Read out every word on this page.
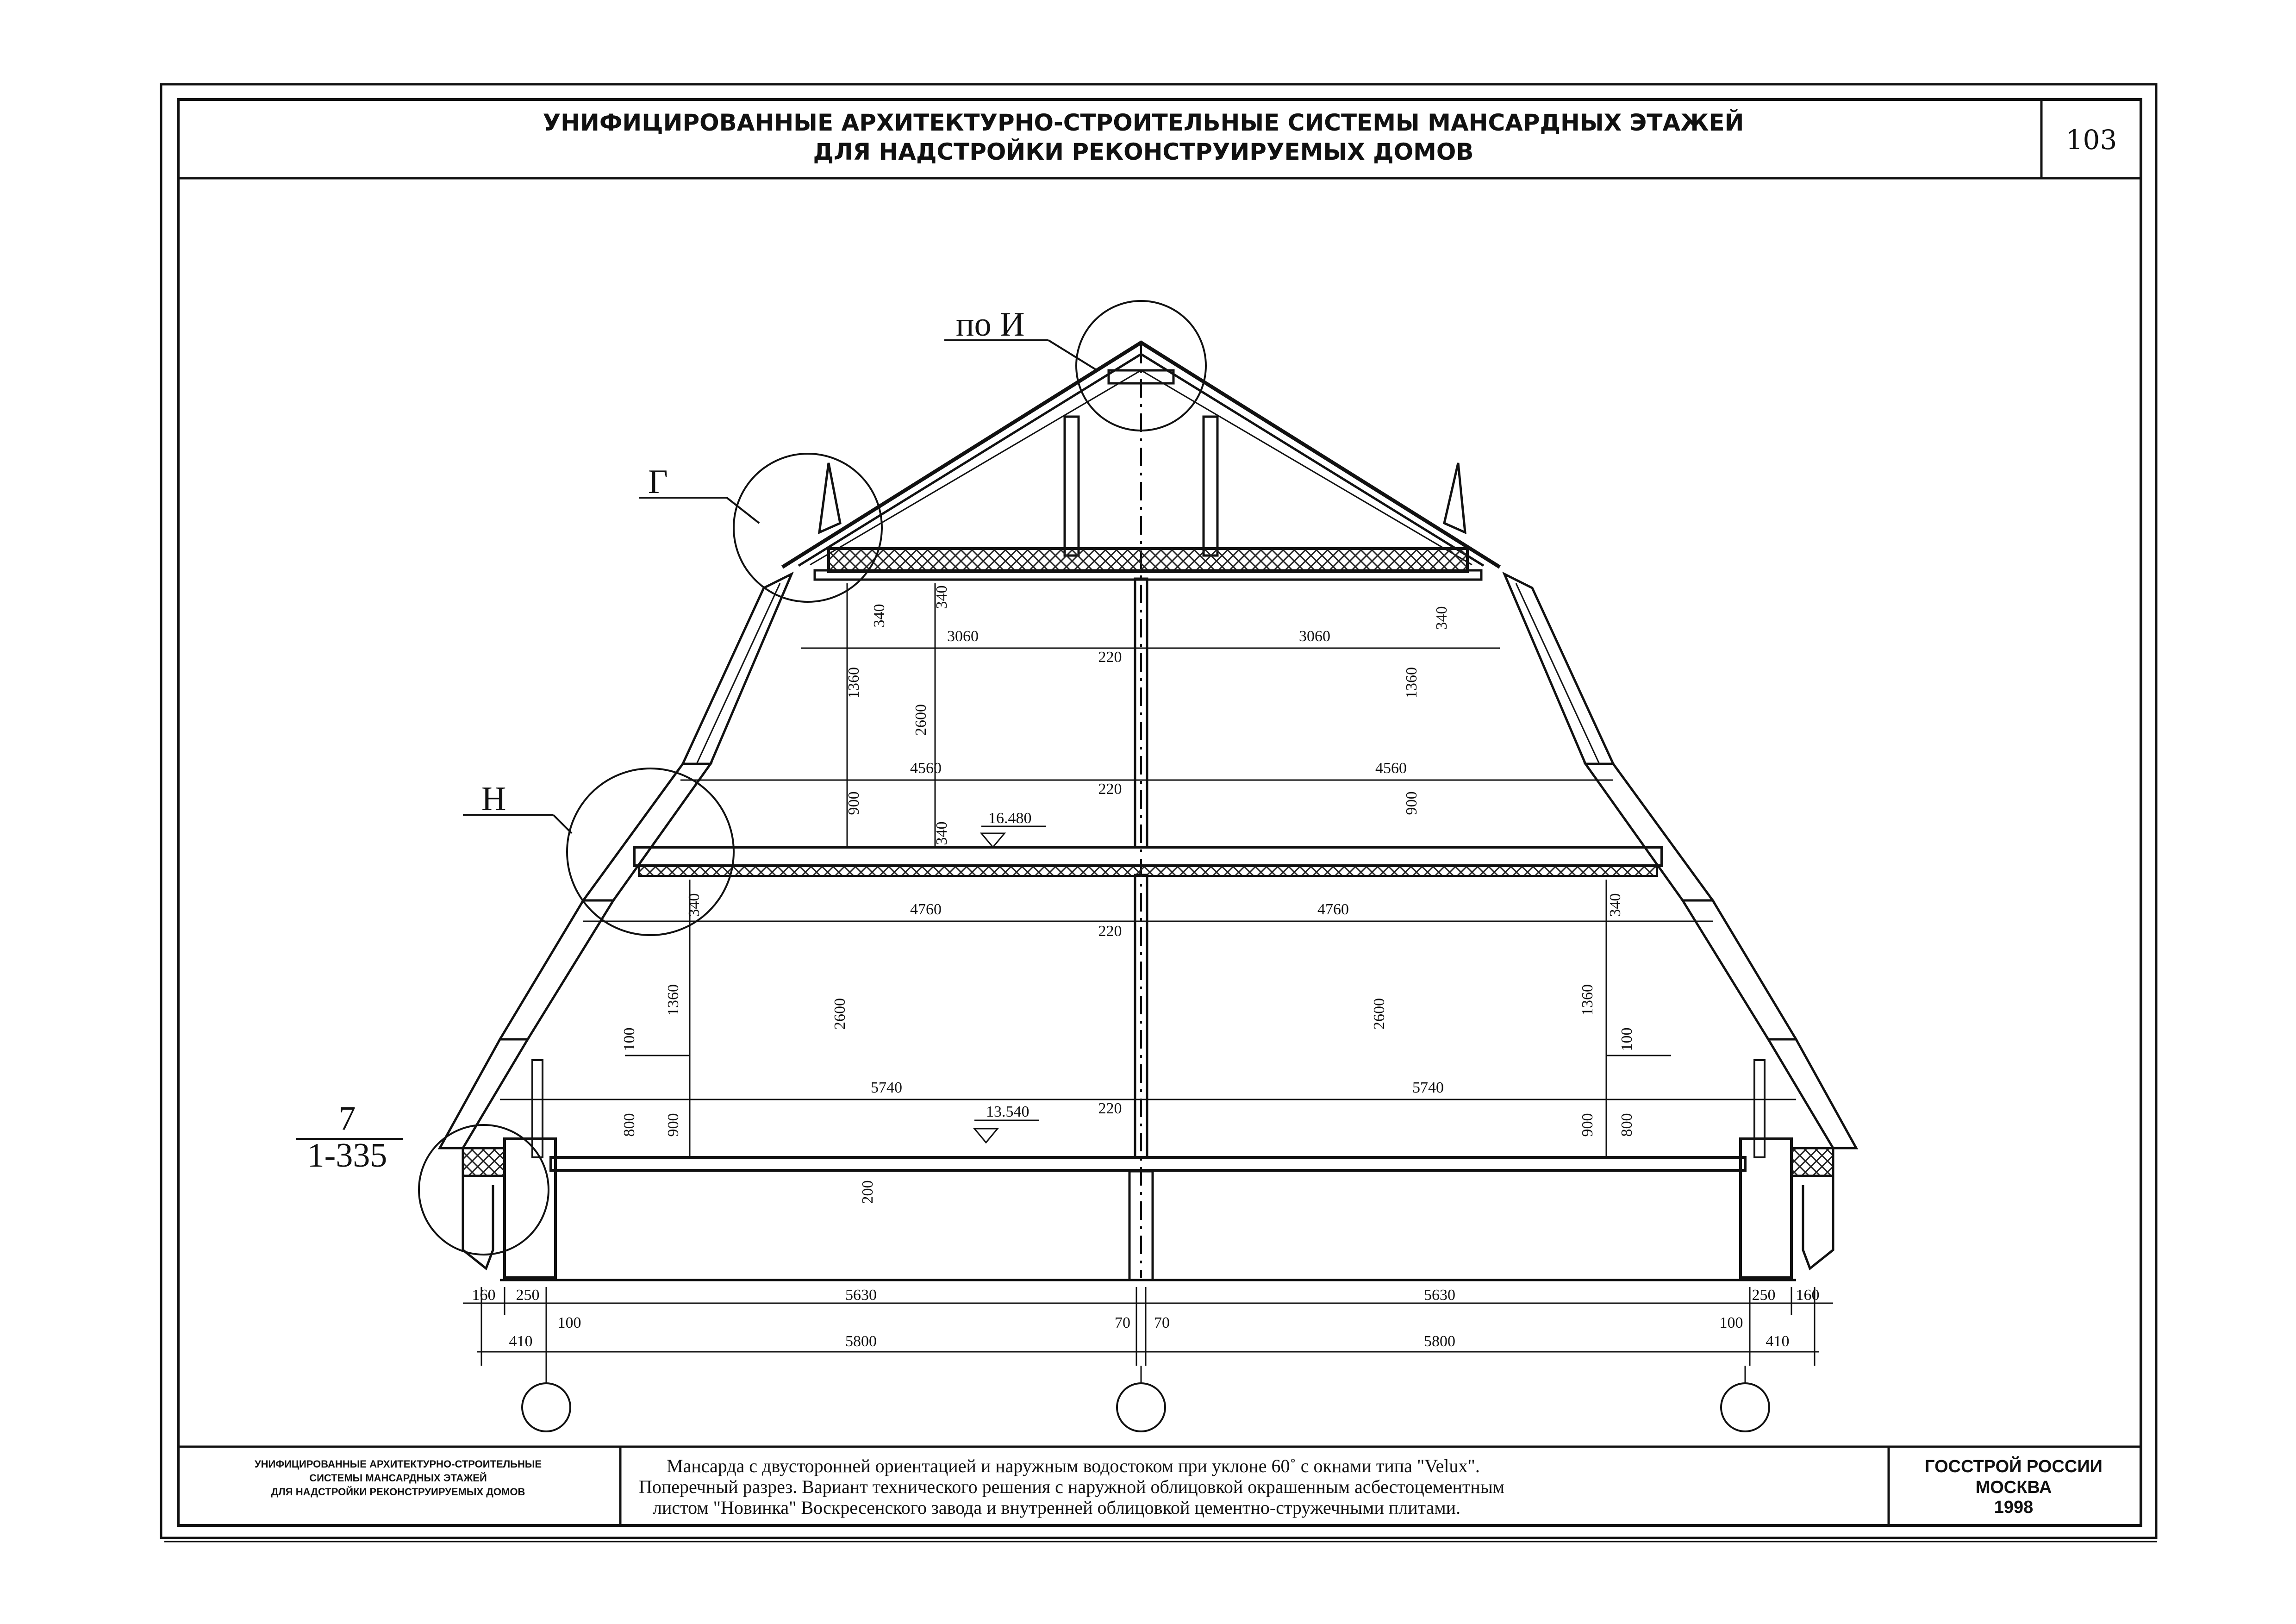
УНИФИЦИРОВАННЫЕ АРХИТЕКТУРНО-СТРОИТЕЛЬНЫЕ СИСТЕМЫ МАНСАРДНЫХ ЭТАЖЕЙ
ДЛЯ НАДСТРОЙКИ РЕКОНСТРУИРУЕМЫХ ДОМОВ	103
по И
Г
Н
7
1-335
16.480
13.540
3060	3060
220
4560	4560
220
4760	4760
220
5740	5740
220
340
340
340
1360	1360
2600
900	900
340
340	340
1360	1360
2600	2600
100	100
800 900	900 800
200
160 250	5630	5630	250 160
100	70 70	100
410	5800	5800	410
УНИФИЦИРОВАННЫЕ АРХИТЕКТУРНО-СТРОИТЕЛЬНЫЕ
СИСТЕМЫ МАНСАРДНЫХ ЭТАЖЕЙ
ДЛЯ НАДСТРОЙКИ РЕКОНСТРУИРУЕМЫХ ДОМОВ
Мансарда с двусторонней ориентацией и наружным водостоком при уклоне 60˚ с окнами типа "Velux".
Поперечный разрез. Вариант технического решения с наружной облицовкой окрашенным асбестоцементным
листом "Новинка" Воскресенского завода и внутренней облицовкой цементно-стружечными плитами.
ГОССТРОЙ РОССИИ
МОСКВА
1998
